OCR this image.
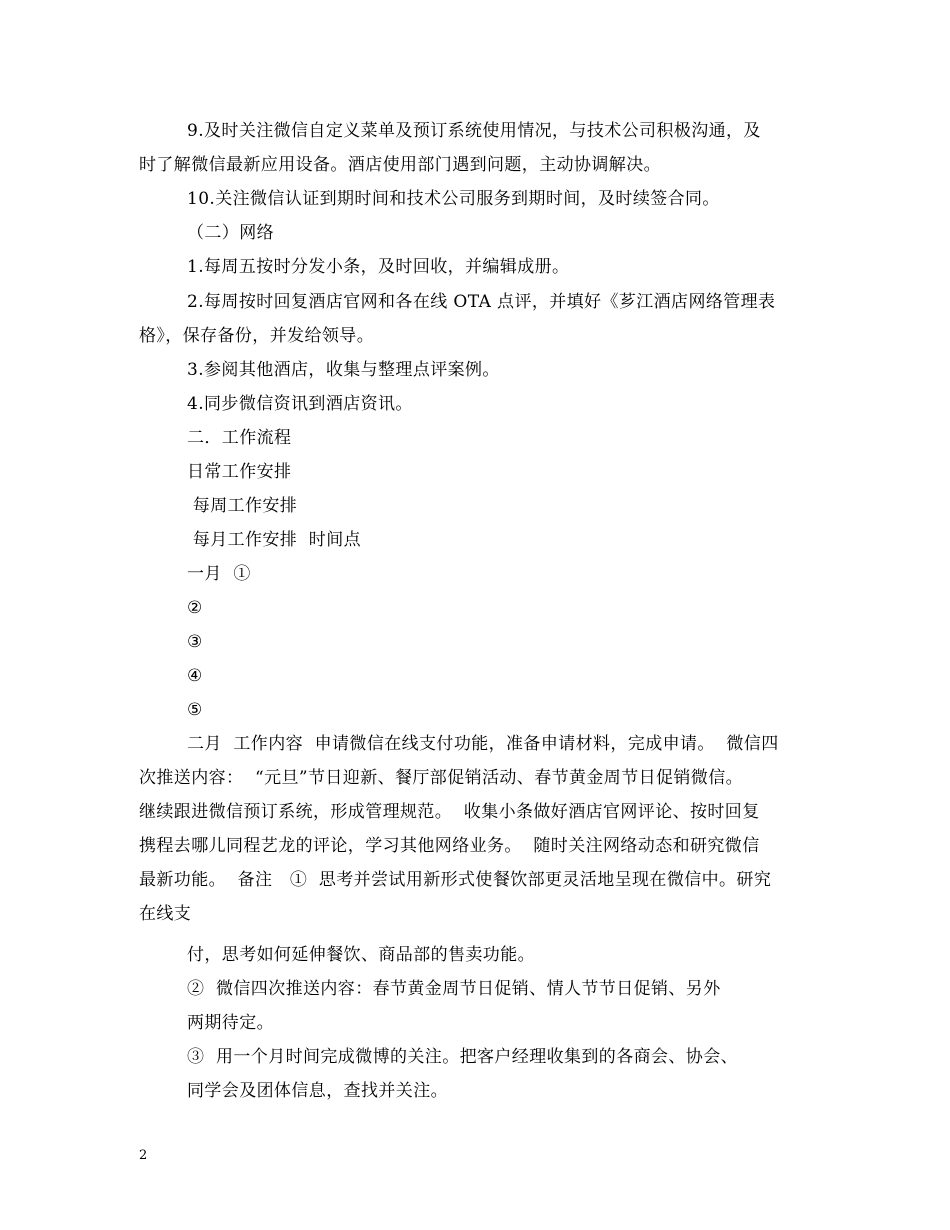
9.及时关注微信自定义菜单及预订系统使用情况，与技术公司积极沟通，及
时了解微信最新应用设备。酒店使用部门遇到问题，主动协调解决。
10.关注微信认证到期时间和技术公司服务到期时间，及时续签合同。
（二）网络
1.每周五按时分发小条，及时回收，并编辑成册。
2.每周按时回复酒店官网和各在线 OTA 点评，并填好《芗江酒店网络管理表
格》，保存备份，并发给领导。
3.参阅其他酒店，收集与整理点评案例。
4.同步微信资讯到酒店资讯。
二．工作流程
日常工作安排
每周工作安排
每月工作安排  时间点
一月  ①
②
③
④
⑤
二月  工作内容  申请微信在线支付功能，准备申请材料，完成申请。  微信四
次推送内容：  “元旦”节日迎新、餐厅部促销活动、春节黄金周节日促销微信。
继续跟进微信预订系统，形成管理规范。  收集小条做好酒店官网评论、按时回复
携程去哪儿同程艺龙的评论，学习其他网络业务。  随时关注网络动态和研究微信
最新功能。  备注   ①  思考并尝试用新形式使餐饮部更灵活地呈现在微信中。研究
在线支
付，思考如何延伸餐饮、商品部的售卖功能。
②  微信四次推送内容：春节黄金周节日促销、情人节节日促销、另外
两期待定。
③  用一个月时间完成微博的关注。把客户经理收集到的各商会、协会、
同学会及团体信息，查找并关注。
2
